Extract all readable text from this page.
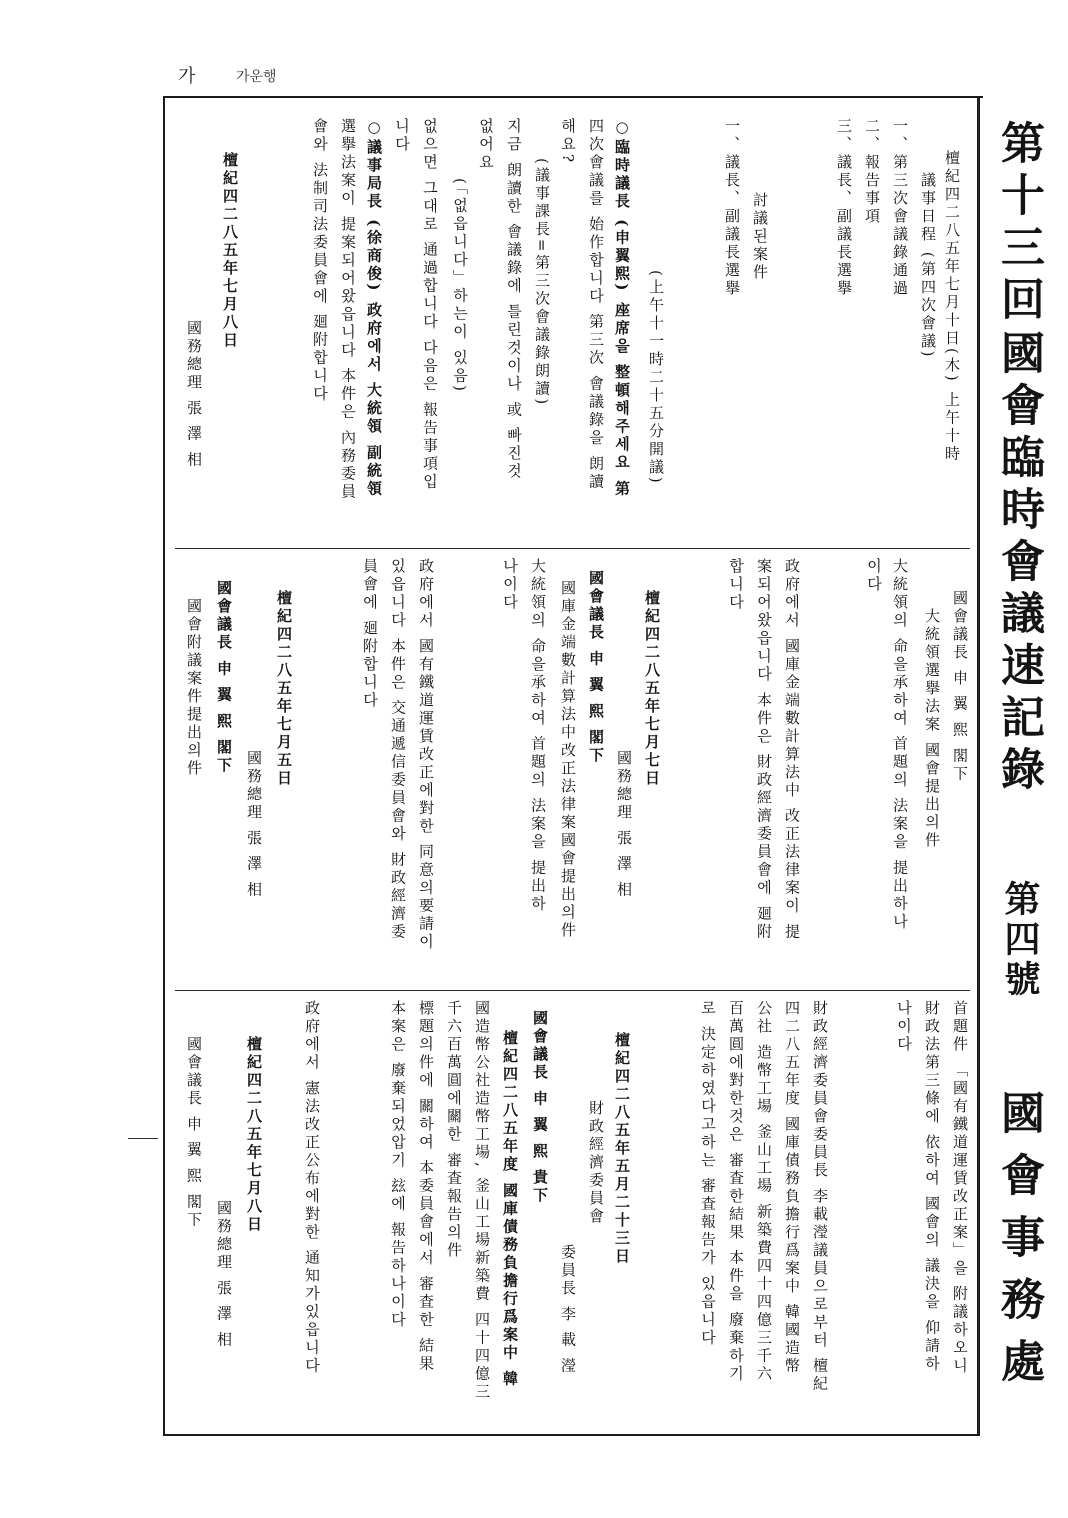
가	가운행
第十三回
國會臨時會議速記錄
第四號
國會事務處
檀紀四二八五年七月十日(木) 上午十時
議事日程 (第四次會議)
一、第三次會議錄通過
二、報告事項
三、議長、副議長選擧
討議된案件
一、議長、副議長選擧
(上午十一時二十五分開議)
○臨時議長 (申翼熙) 座席을 整頓해주세요 第
四次會議를 始作합니다 第三次 會議錄을 朗讀
해요?
(議事課長=第三次會議錄朗讀)
지금 朗讀한 會議錄에 틀린것이나 或 빠진것
없어요
(「없읍니다」하는이 있음)
없으면 그대로 通過합니다 다음은 報告事項입
니다
○議事局長 (徐商俊) 政府에서 大統領 副統領
選擧法案이 提案되어왔읍니다 本件은 內務委員
會와 法制司法委員會에 廻附합니다
檀紀四二八五年七月八日
國務總理 張 澤 相
國會議長 申 翼 熙 閣下
大統領選擧法案 國會提出의件
大統領의 命을承하여 首題의 法案을 提出하나
이다
政府에서 國庫金端數計算法中 改正法律案이 提
案되어왔읍니다 本件은 財政經濟委員會에 廻附
합니다
檀紀四二八五年七月七日
國務總理 張 澤 相
國會議長 申 翼 熙 閣下
國庫金端數計算法中改正法律案國會提出의件
大統領의 命을承하여 首題의 法案을 提出하
나이다
政府에서 國有鐵道運賃改正에對한 同意의要請이
있읍니다 本件은 交通遞信委員會와 財政經濟委
員會에 廻附합니다
檀紀四二八五年七月五日
國務總理 張 澤 相
國會議長 申 翼 熙 閣下
國會附議案件提出의件
首題件 「國有鐵道運賃改正案」을 附議하오니
財政法第三條에 依하여 國會의 議決을 仰請하
나이다
財政經濟委員會委員長 李載瀅議員으로부터 檀紀
四二八五年度 國庫債務負擔行爲案中 韓國造幣
公社 造幣工場 釜山工場 新築費四十四億三千六
百萬圓에對한것은 審査한結果 本件을 廢棄하기
로 決定하였다고하는 審査報告가 있읍니다
檀紀四二八五年五月二十三日
財政經濟委員會
委員長 李 載 瀅
國會議長 申 翼 熙 貴下
檀紀四二八五年度 國庫債務負擔行爲案中 韓
國造幣公社造幣工場, 釜山工場新築費 四十四億三
千六百萬圓에關한 審査報告의件
標題의件에 關하여 本委員會에서 審査한 結果
本案은 廢棄되었압기 玆에 報告하나이다
政府에서 憲法改正公布에對한 通知가있읍니다
檀紀四二八五年七月八日
國務總理 張 澤 相
國會議長 申 翼 熙 閣下
